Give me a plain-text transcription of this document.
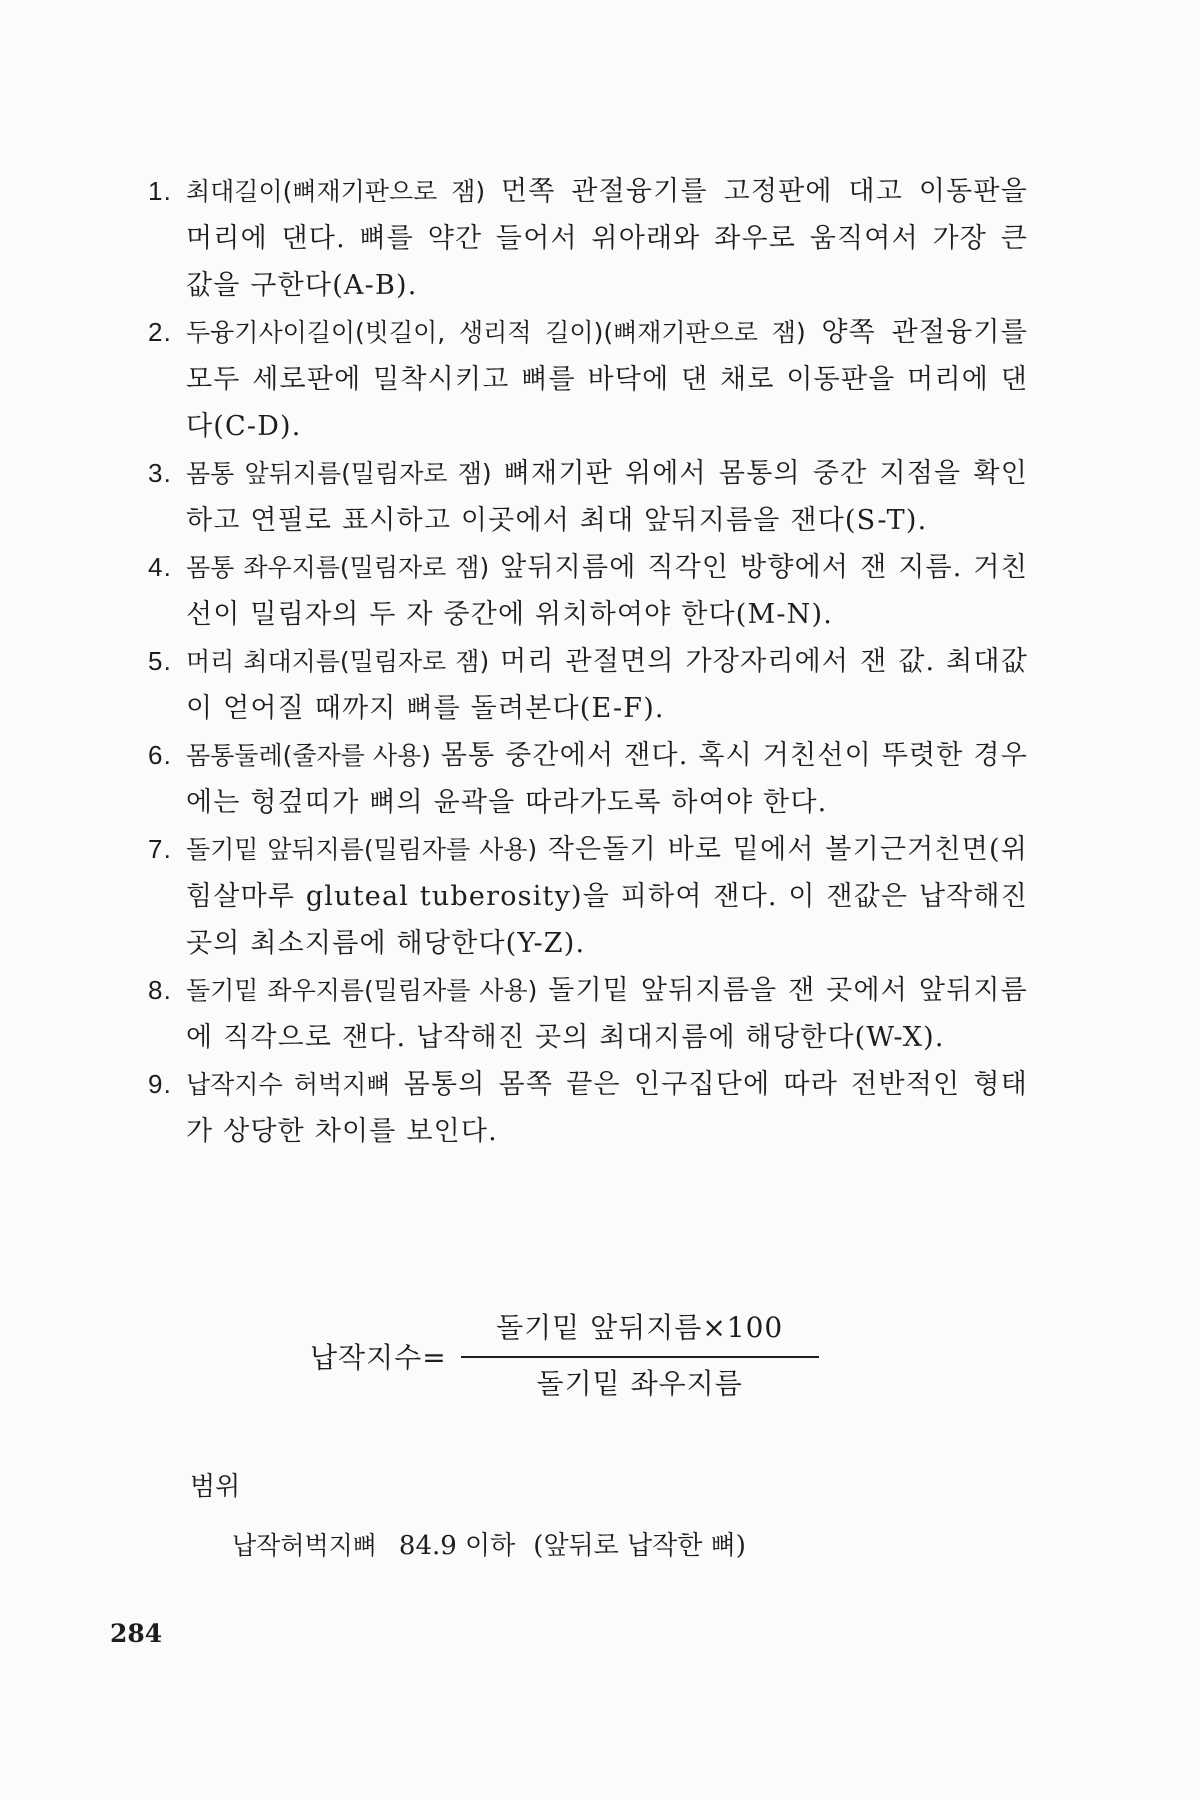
1. 최대길이(뼈재기판으로 잼) 먼쪽 관절융기를 고정판에 대고 이동판을 머리에 댄다. 뼈를 약간 들어서 위아래와 좌우로 움직여서 가장 큰 값을 구한다(A-B).
2. 두융기사이길이(빗길이, 생리적 길이)(뼈재기판으로 잼) 양쪽 관절융기를 모두 세로판에 밀착시키고 뼈를 바닥에 댄 채로 이동판을 머리에 댄다(C-D).
3. 몸통 앞뒤지름(밀림자로 잼) 뼈재기판 위에서 몸통의 중간 지점을 확인하고 연필로 표시하고 이곳에서 최대 앞뒤지름을 잰다(S-T).
4. 몸통 좌우지름(밀림자로 잼) 앞뒤지름에 직각인 방향에서 잰 지름. 거친선이 밀림자의 두 자 중간에 위치하여야 한다(M-N).
5. 머리 최대지름(밀림자로 잼) 머리 관절면의 가장자리에서 잰 값. 최대값이 얻어질 때까지 뼈를 돌려본다(E-F).
6. 몸통둘레(줄자를 사용) 몸통 중간에서 잰다. 혹시 거친선이 뚜렷한 경우에는 헝겊띠가 뼈의 윤곽을 따라가도록 하여야 한다.
7. 돌기밑 앞뒤지름(밀림자를 사용) 작은돌기 바로 밑에서 볼기근거친면(위힘살마루 gluteal tuberosity)을 피하여 잰다. 이 잰값은 납작해진 곳의 최소지름에 해당한다(Y-Z).
8. 돌기밑 좌우지름(밀림자를 사용) 돌기밑 앞뒤지름을 잰 곳에서 앞뒤지름에 직각으로 잰다. 납작해진 곳의 최대지름에 해당한다(W-X).
9. 납작지수 허벅지뼈 몸통의 몸쪽 끝은 인구집단에 따라 전반적인 형태가 상당한 차이를 보인다.
납작지수= $\frac{\text{돌기밑 앞뒤지름×100}}{\text{돌기밑 좌우지름}}$
범위
납작허벅지뼈 84.9 이하 (앞뒤로 납작한 뼈)
284
